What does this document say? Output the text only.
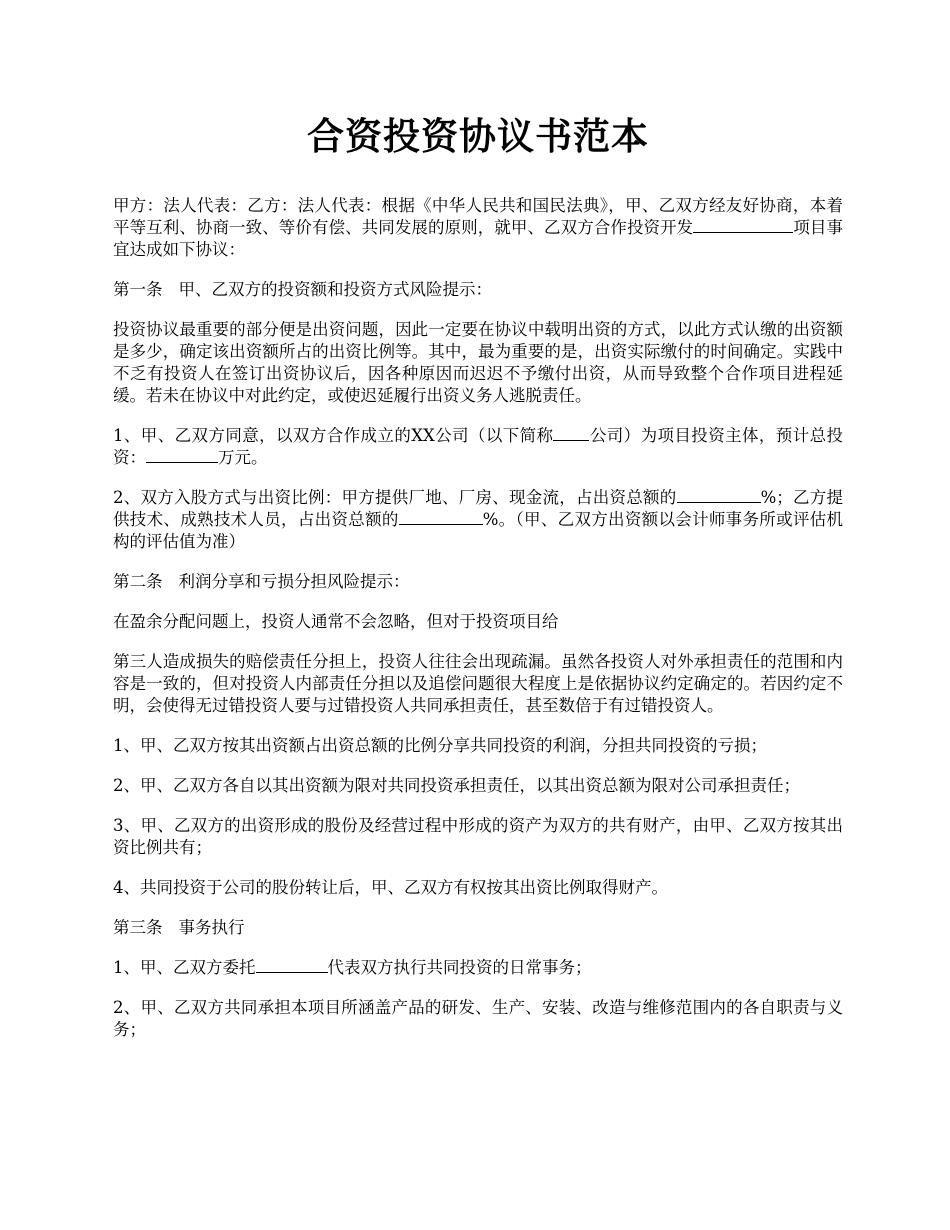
合资投资协议书范本

甲方：法人代表：乙方：法人代表：根据《中华人民共和国民法典》，甲、乙双方经友好协商，本着平等互利、协商一致、等价有偿、共同发展的原则，就甲、乙双方合作投资开发	项目事宜达成如下协议：

第一条 甲、乙双方的投资额和投资方式风险提示：

投资协议最重要的部分便是出资问题，因此一定要在协议中载明出资的方式，以此方式认缴的出资额是多少，确定该出资额所占的出资比例等。其中，最为重要的是，出资实际缴付的时间确定。实践中不乏有投资人在签订出资协议后，因各种原因而迟迟不予缴付出资，从而导致整个合作项目进程延缓。若未在协议中对此约定，或使迟延履行出资义务人逃脱责任。

1、甲、乙双方同意，以双方合作成立的XX公司（以下简称 公司）为项目投资主体，预计总投资：	万元。

2、双方入股方式与出资比例：甲方提供厂地、厂房、现金流，占出资总额的	%；乙方提供技术、成熟技术人员，占出资总额的	%。（甲、乙双方出资额以会计师事务所或评估机构的评估值为准）

第二条 利润分享和亏损分担风险提示：

在盈余分配问题上，投资人通常不会忽略，但对于投资项目给

第三人造成损失的赔偿责任分担上，投资人往往会出现疏漏。虽然各投资人对外承担责任的范围和内容是一致的，但对投资人内部责任分担以及追偿问题很大程度上是依据协议约定确定的。若因约定不明，会使得无过错投资人要与过错投资人共同承担责任，甚至数倍于有过错投资人。

1、甲、乙双方按其出资额占出资总额的比例分享共同投资的利润，分担共同投资的亏损；

2、甲、乙双方各自以其出资额为限对共同投资承担责任，以其出资总额为限对公司承担责任；

3、甲、乙双方的出资形成的股份及经营过程中形成的资产为双方的共有财产，由甲、乙双方按其出资比例共有；

4、共同投资于公司的股份转让后，甲、乙双方有权按其出资比例取得财产。

第三条 事务执行

1、甲、乙双方委托	代表双方执行共同投资的日常事务；

2、甲、乙双方共同承担本项目所涵盖产品的研发、生产、安装、改造与维修范围内的各自职责与义务；
